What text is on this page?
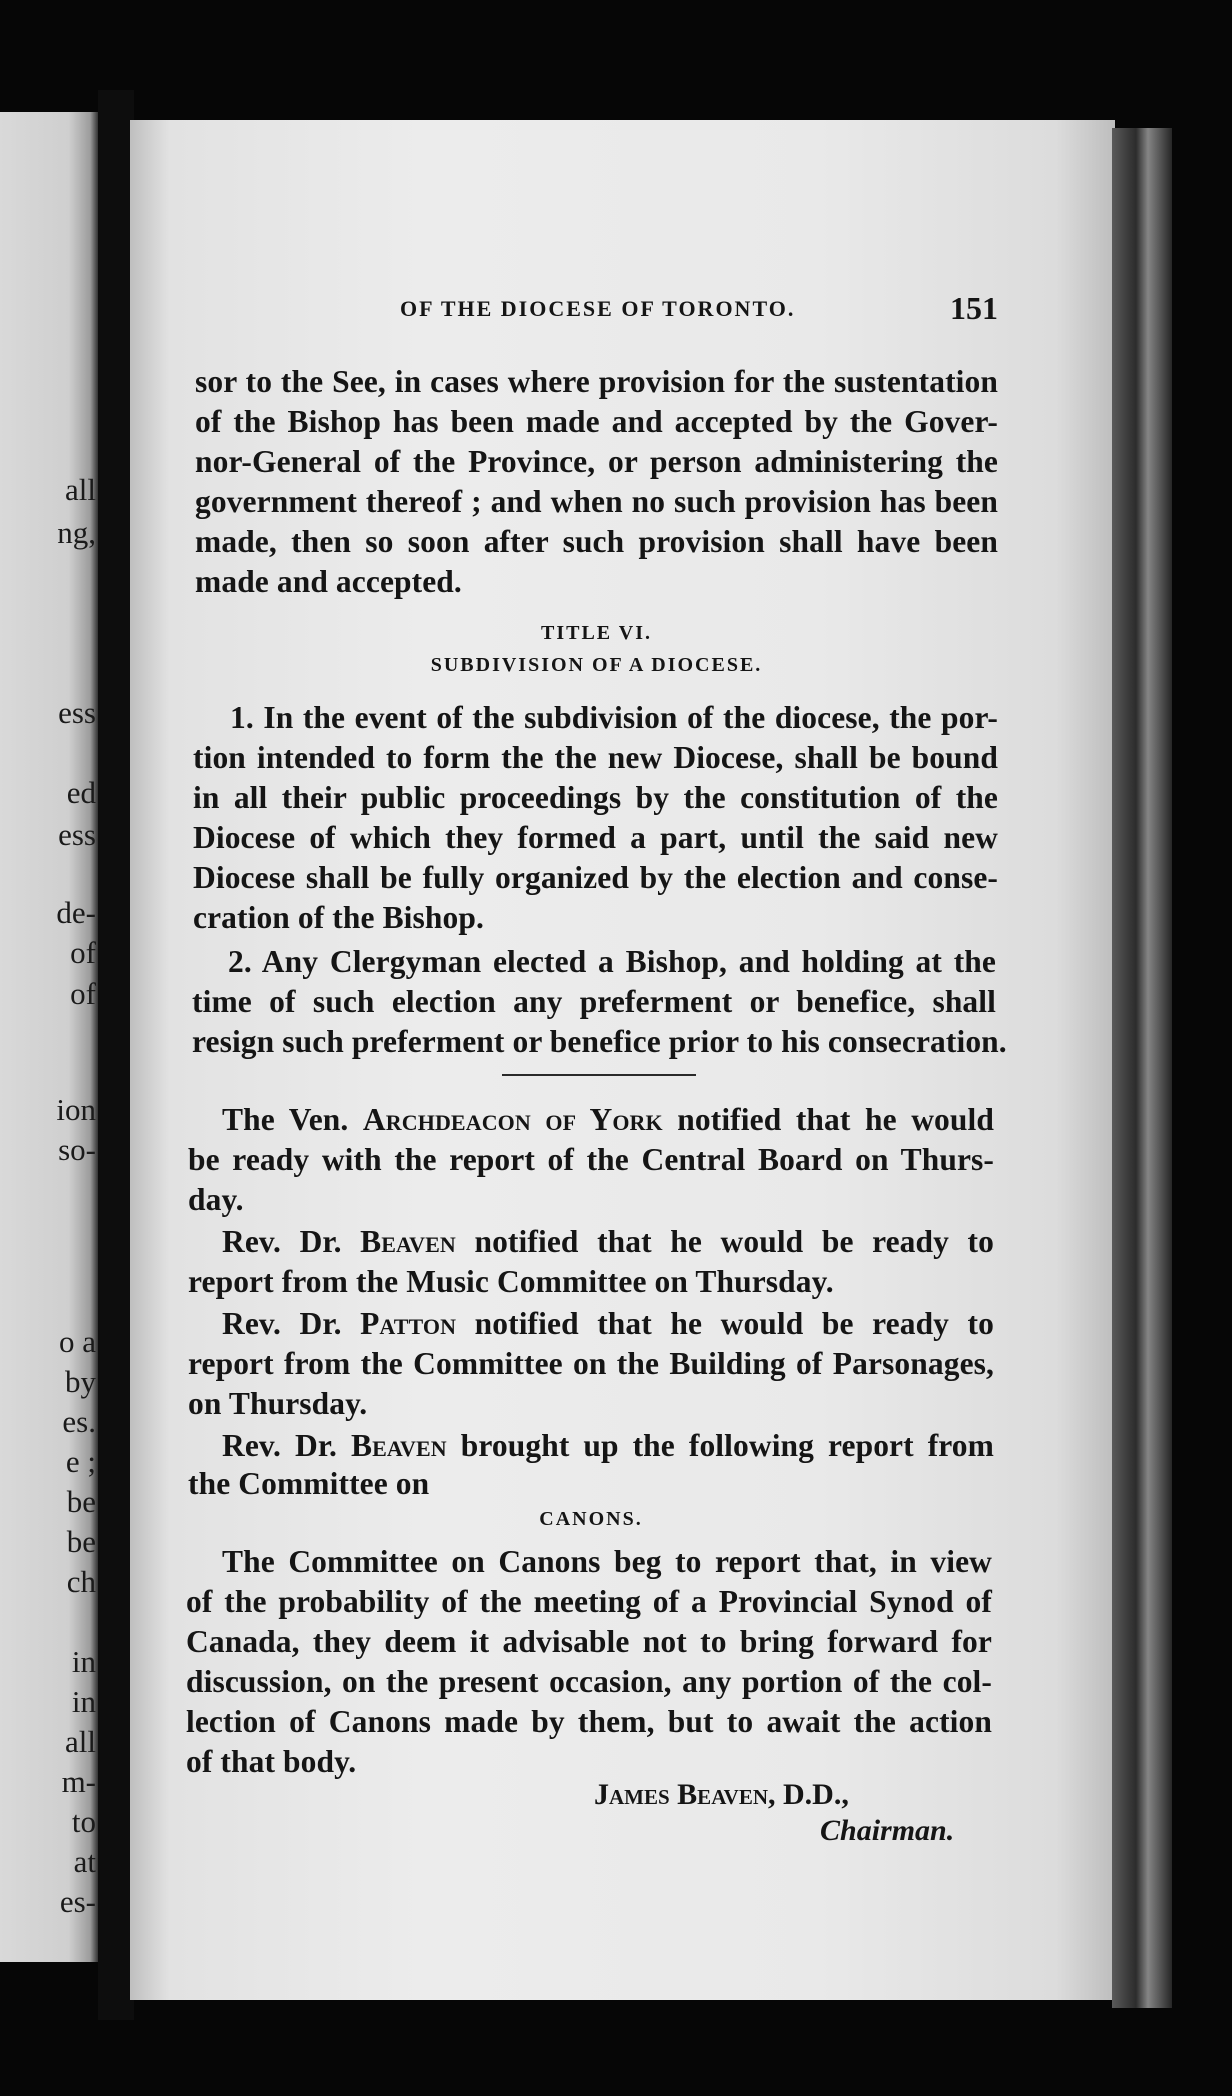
all
ng,
ess
ed
ess
de-
of
of
ion
so-
o a
by
es.
e ;
be
be
ch
in
in
all
m-
to
at
es-
OF THE DIOCESE OF TORONTO.	151
sor to the See, in cases where provision for the sustentation
of the Bishop has been made and accepted by the Gover-
nor-General of the Province, or person administering the
government thereof ; and when no such provision has been
made, then so soon after such provision shall have been
made and accepted.
TITLE VI.
SUBDIVISION OF A DIOCESE.
1. In the event of the subdivision of the diocese, the por-
tion intended to form the the new Diocese, shall be bound
in all their public proceedings by the constitution of the
Diocese of which they formed a part, until the said new
Diocese shall be fully organized by the election and conse-
cration of the Bishop.
2. Any Clergyman elected a Bishop, and holding at the
time of such election any preferment or benefice, shall
resign such preferment or benefice prior to his consecration.
The Ven. Archdeacon of York notified that he would
be ready with the report of the Central Board on Thurs-
day.
Rev. Dr. Beaven notified that he would be ready to
report from the Music Committee on Thursday.
Rev. Dr. Patton notified that he would be ready to
report from the Committee on the Building of Parsonages,
on Thursday.
Rev. Dr. Beaven brought up the following report from
the Committee on
CANONS.
The Committee on Canons beg to report that, in view
of the probability of the meeting of a Provincial Synod of
Canada, they deem it advisable not to bring forward for
discussion, on the present occasion, any portion of the col-
lection of Canons made by them, but to await the action
of that body.
James Beaven, D.D.,
Chairman.
